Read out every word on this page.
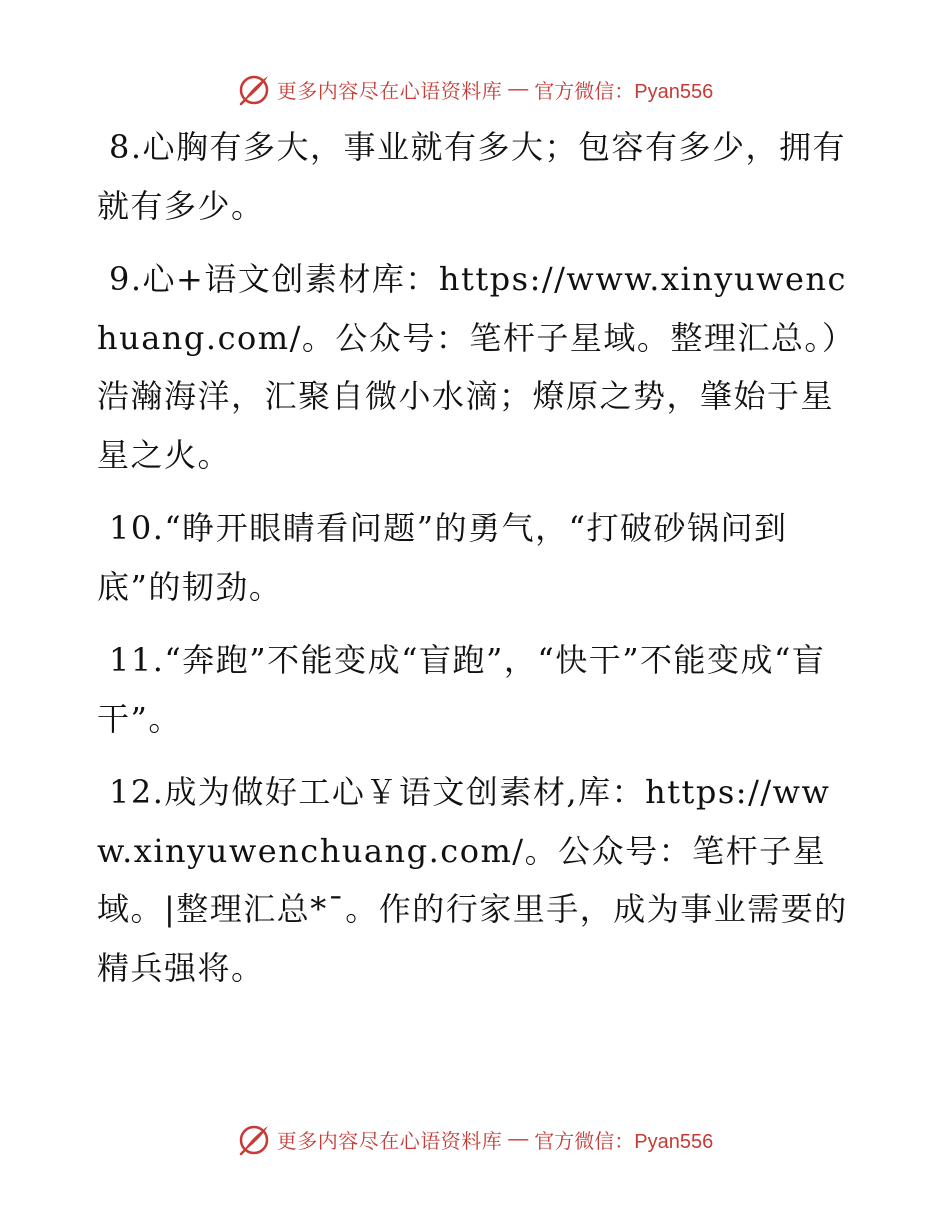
更多内容尽在心语资料库 — 官方微信：Pyan556

8.心胸有多大，事业就有多大；包容有多少，拥有就有多少。

9.心+语文创素材库：https://www.xinyuwenchuang.com/。公众号：笔杆子星域。整理汇总。）浩瀚海洋，汇聚自微小水滴；燎原之势，肇始于星星之火。

10.“睁开眼睛看问题”的勇气，“打破砂锅问到底”的韧劲。

11.“奔跑”不能变成“盲跑”，“快干”不能变成“盲干”。

12.成为做好工心￥语文创素材,库：https://www.xinyuwenchuang.com/。公众号：笔杆子星域。|整理汇总*¯。作的行家里手，成为事业需要的精兵强将。

更多内容尽在心语资料库 — 官方微信：Pyan556
